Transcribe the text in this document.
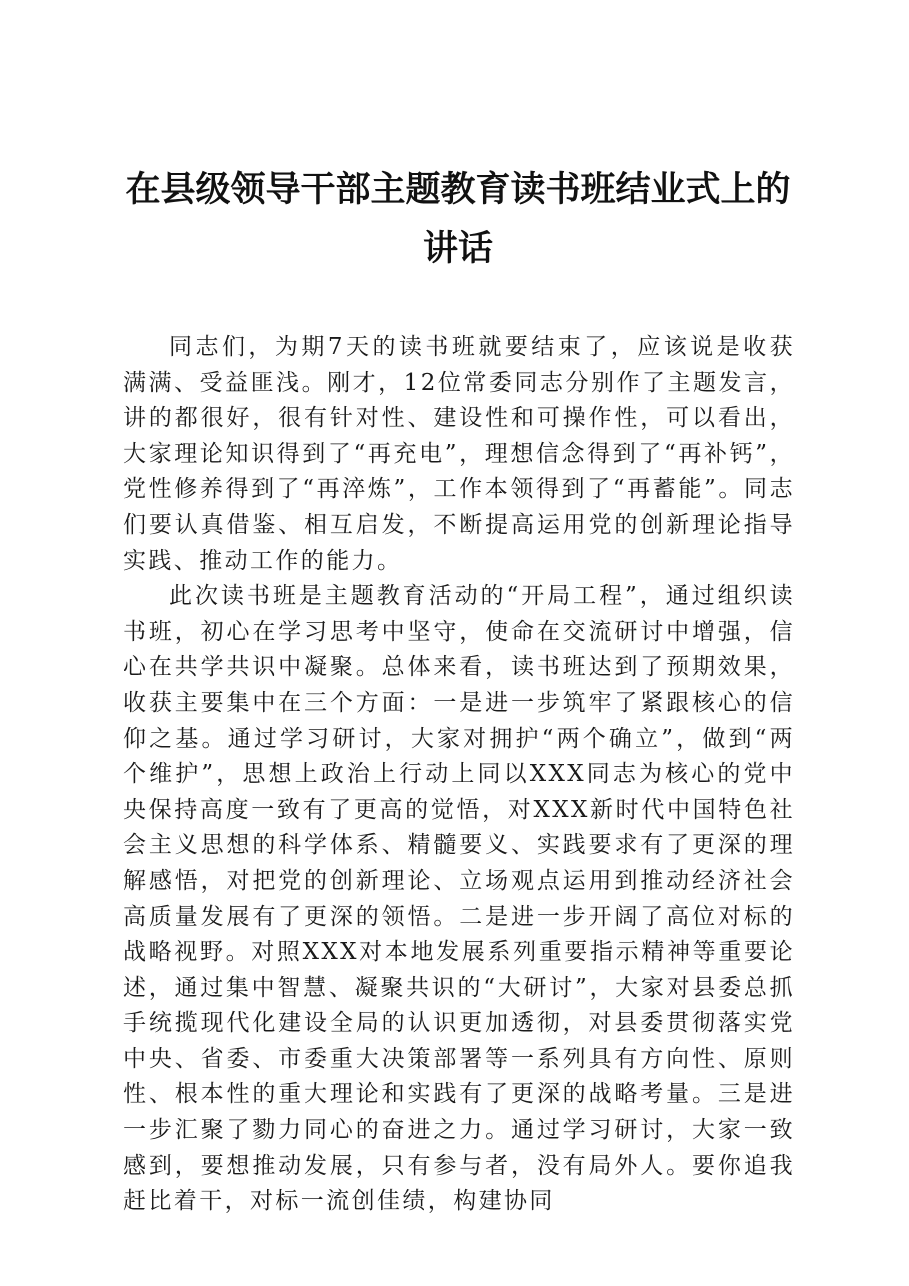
在县级领导干部主题教育读书班结业式上的讲话

同志们，为期7天的读书班就要结束了，应该说是收获满满、受益匪浅。刚才，12位常委同志分别作了主题发言，讲的都很好，很有针对性、建设性和可操作性，可以看出，大家理论知识得到了“再充电”，理想信念得到了“再补钙”，党性修养得到了“再淬炼”，工作本领得到了“再蓄能”。同志们要认真借鉴、相互启发，不断提高运用党的创新理论指导实践、推动工作的能力。

此次读书班是主题教育活动的“开局工程”，通过组织读书班，初心在学习思考中坚守，使命在交流研讨中增强，信心在共学共识中凝聚。总体来看，读书班达到了预期效果，收获主要集中在三个方面：一是进一步筑牢了紧跟核心的信仰之基。通过学习研讨，大家对拥护“两个确立”，做到“两个维护”，思想上政治上行动上同以XXX同志为核心的党中央保持高度一致有了更高的觉悟，对XXX新时代中国特色社会主义思想的科学体系、精髓要义、实践要求有了更深的理解感悟，对把党的创新理论、立场观点运用到推动经济社会高质量发展有了更深的领悟。二是进一步开阔了高位对标的战略视野。对照XXX对本地发展系列重要指示精神等重要论述，通过集中智慧、凝聚共识的“大研讨”，大家对县委总抓手统揽现代化建设全局的认识更加透彻，对县委贯彻落实党中央、省委、市委重大决策部署等一系列具有方向性、原则性、根本性的重大理论和实践有了更深的战略考量。三是进一步汇聚了勠力同心的奋进之力。通过学习研讨，大家一致感到，要想推动发展，只有参与者，没有局外人。要你追我赶比着干，对标一流创佳绩，构建协同
